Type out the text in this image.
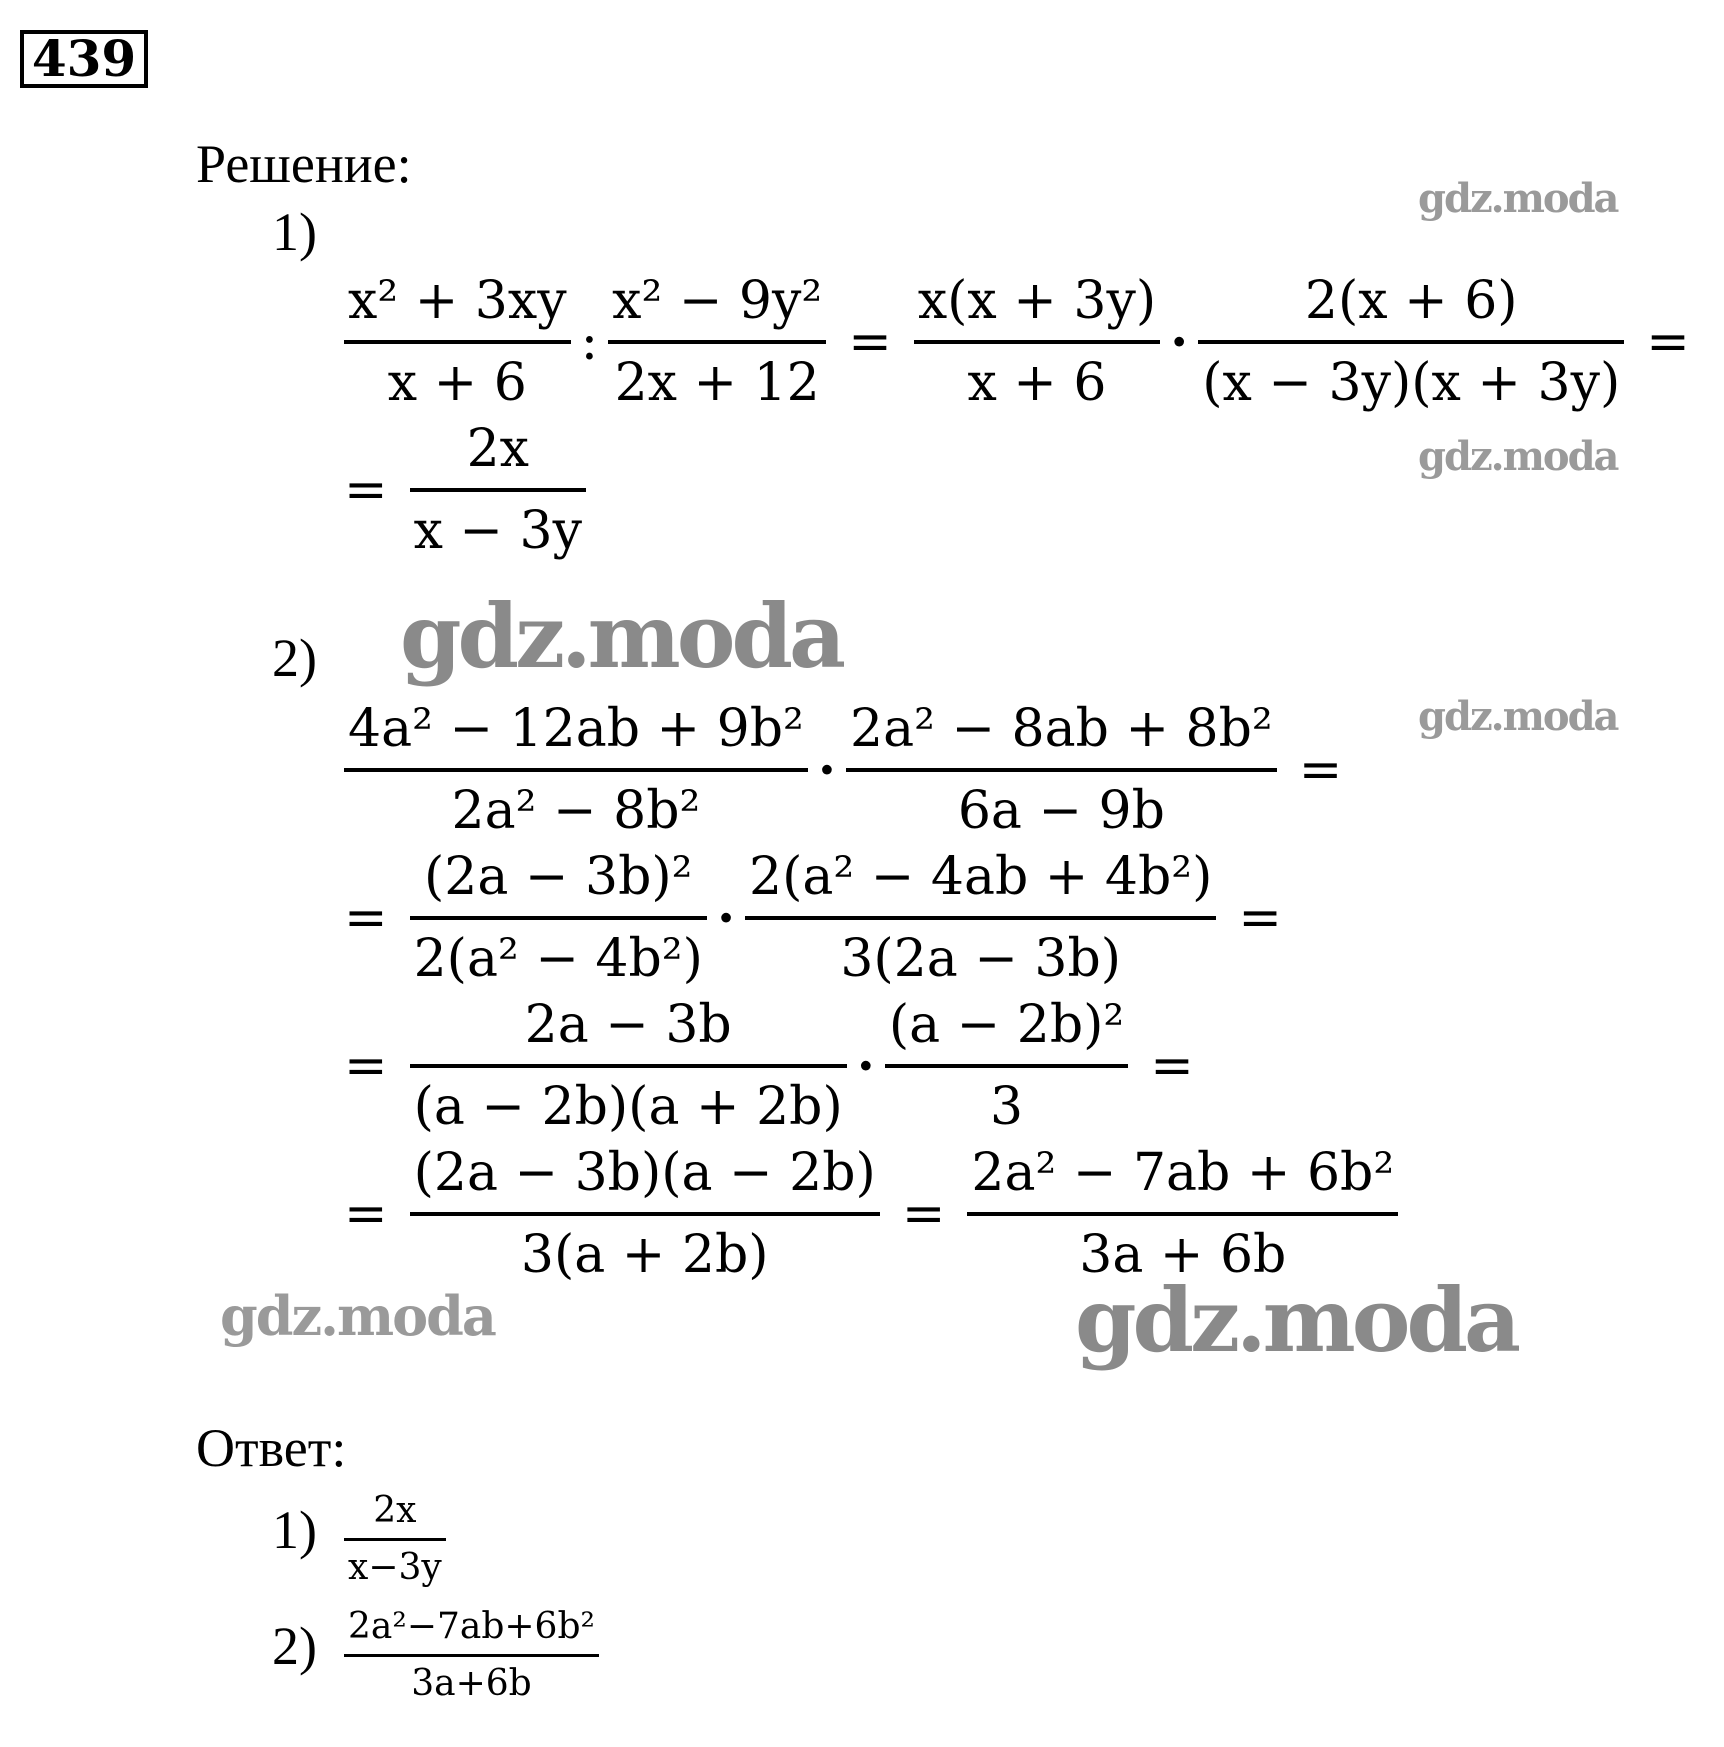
439
Решение:
gdz.moda
gdz.moda
gdz.moda
gdz.moda
gdz.moda	gdz.moda
1)
$\frac{\text{x² + 3xy}}{x + 6}$ : $\frac{\text{x² − 9y²}}{2x + 12} = \frac{x(x + 3y)}{x + 6} \cdot \frac{2(x + 6)}{(x - 3y)(x + 3y)}$ =
= $\frac{2x}{x - 3y}$
2)
$\frac{\text{4a² − 12ab + 9b²}}{\text{2a² − 8b²}} \cdot \frac{\text{2a² − 8ab + 8b²}}{6a - 9b}$ =
= $\frac{\text{(2a − 3b)²}}{\text{2(a² − 4b²)}} \cdot \frac{\text{2(a² − 4ab + 4b²)}}{3(2a - 3b)}$ =
= $\frac{2a - 3b}{(a - 2b)(a + 2b)} \cdot \frac{\text{(a − 2b)²}}{3}$ =
= $\frac{(2a - 3b)(a - 2b)}{3(a + 2b)} = \frac{\text{2a² − 7ab + 6b²}}{3a + 6b}$
Ответ:
$1) \frac{2x}{x-3y}$
$2) \frac{\text{2a²−7ab+6b²}}{3a+6b}$
